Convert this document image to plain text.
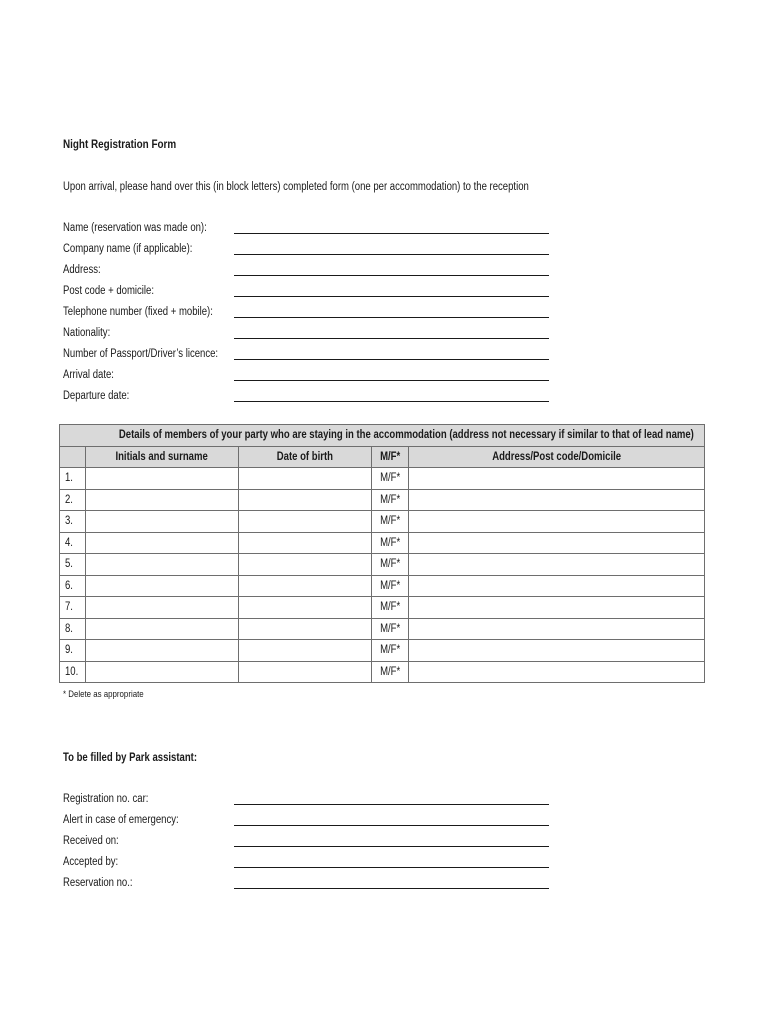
Night Registration Form
Upon arrival, please hand over this (in block letters) completed form (one per accommodation) to the reception
Name (reservation was made on):
Company name (if applicable):
Address:
Post code + domicile:
Telephone number (fixed + mobile):
Nationality:
Number of Passport/Driver’s licence:
Arrival date:
Departure date:
Details of members of your party who are staying in the accommodation (address not necessary if similar to that of lead name)				
	Initials and surname	Date of birth	M/F*	Address/Post code/Domicile
1.			M/F*	
2.			M/F*	
3.			M/F*	
4.			M/F*	
5.			M/F*	
6.			M/F*	
7.			M/F*	
8.			M/F*	
9.			M/F*	
10.			M/F*	
* Delete as appropriate
To be filled by Park assistant:
Registration no. car:
Alert in case of emergency:
Received on:
Accepted by:
Reservation no.:
